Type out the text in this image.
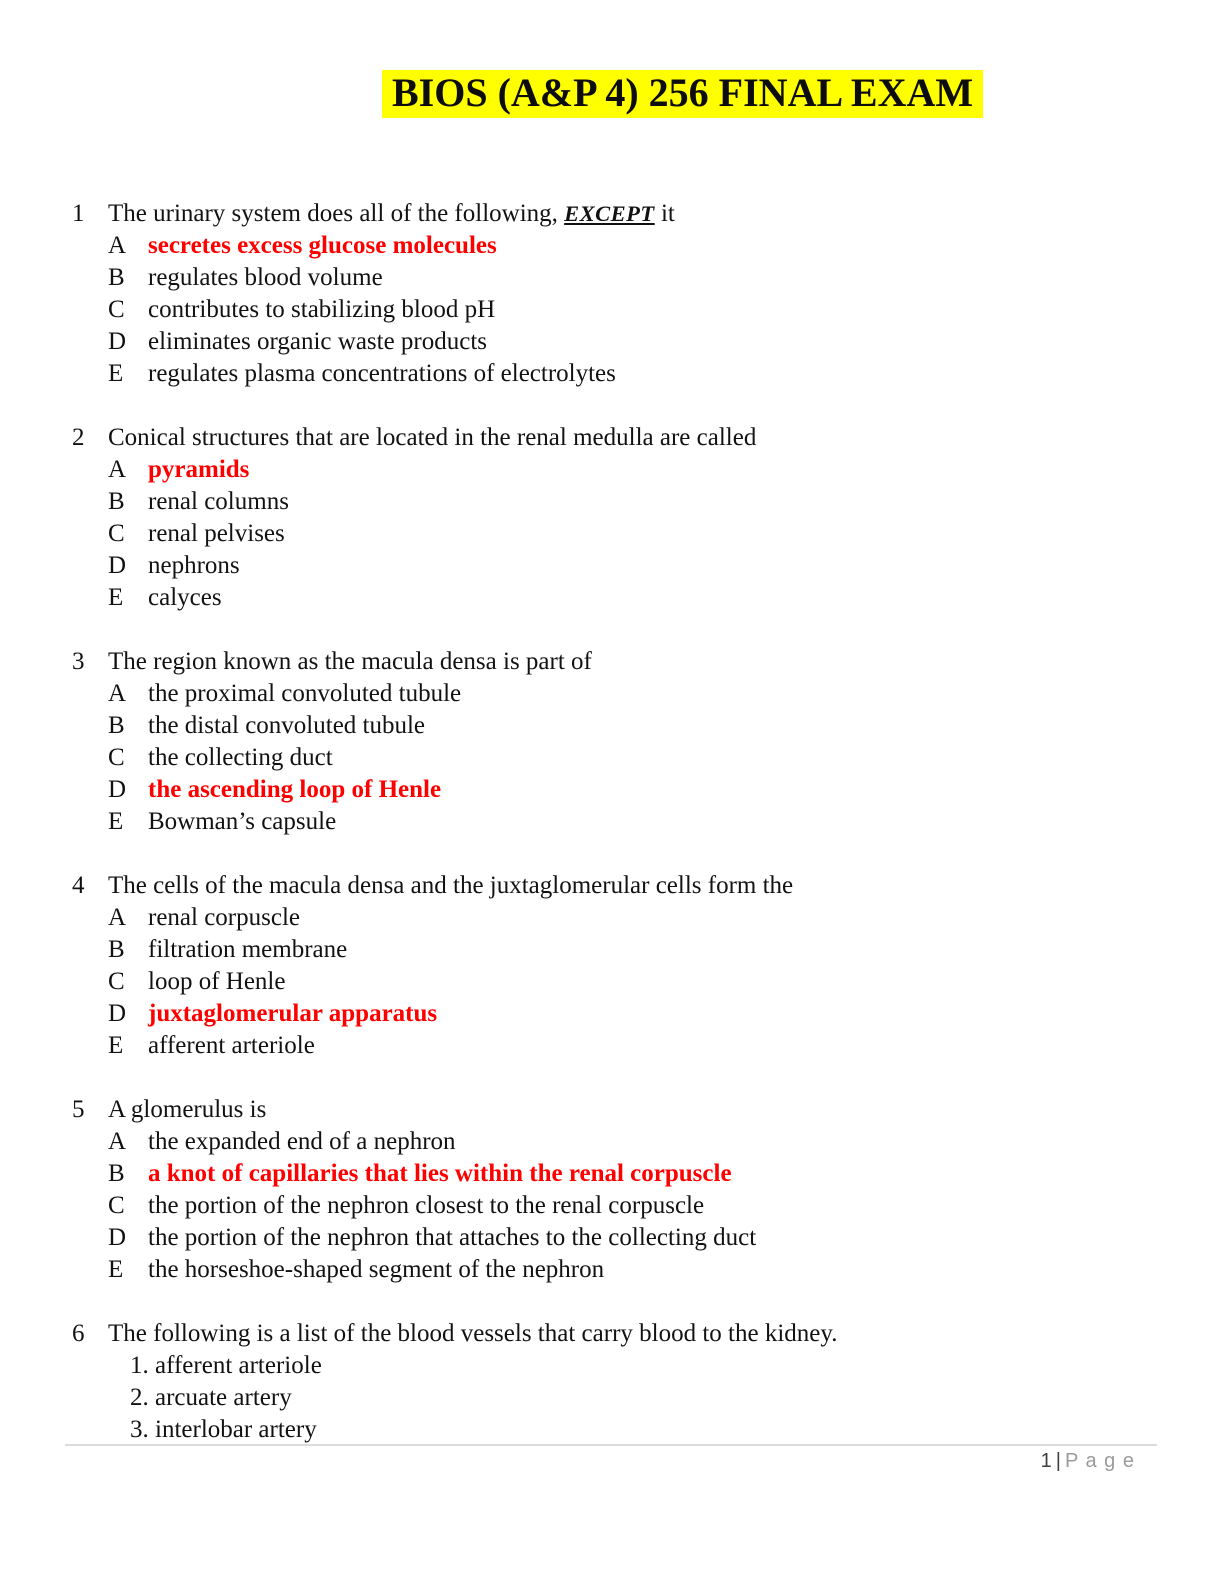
BIOS (A&P 4) 256 FINAL EXAM
1 The urinary system does all of the following, EXCEPT it
A secretes excess glucose molecules
B regulates blood volume
C contributes to stabilizing blood pH
D eliminates organic waste products
E regulates plasma concentrations of electrolytes
2 Conical structures that are located in the renal medulla are called
A pyramids
B renal columns
C renal pelvises
D nephrons
E calyces
3 The region known as the macula densa is part of
A the proximal convoluted tubule
B the distal convoluted tubule
C the collecting duct
D the ascending loop of Henle
E Bowman’s capsule
4 The cells of the macula densa and the juxtaglomerular cells form the
A renal corpuscle
B filtration membrane
C loop of Henle
D juxtaglomerular apparatus
E afferent arteriole
5 A glomerulus is
A the expanded end of a nephron
B a knot of capillaries that lies within the renal corpuscle
C the portion of the nephron closest to the renal corpuscle
D the portion of the nephron that attaches to the collecting duct
E the horseshoe-shaped segment of the nephron
6 The following is a list of the blood vessels that carry blood to the kidney.
1. afferent arteriole
2. arcuate artery
3. interlobar artery
1 | P a g e
